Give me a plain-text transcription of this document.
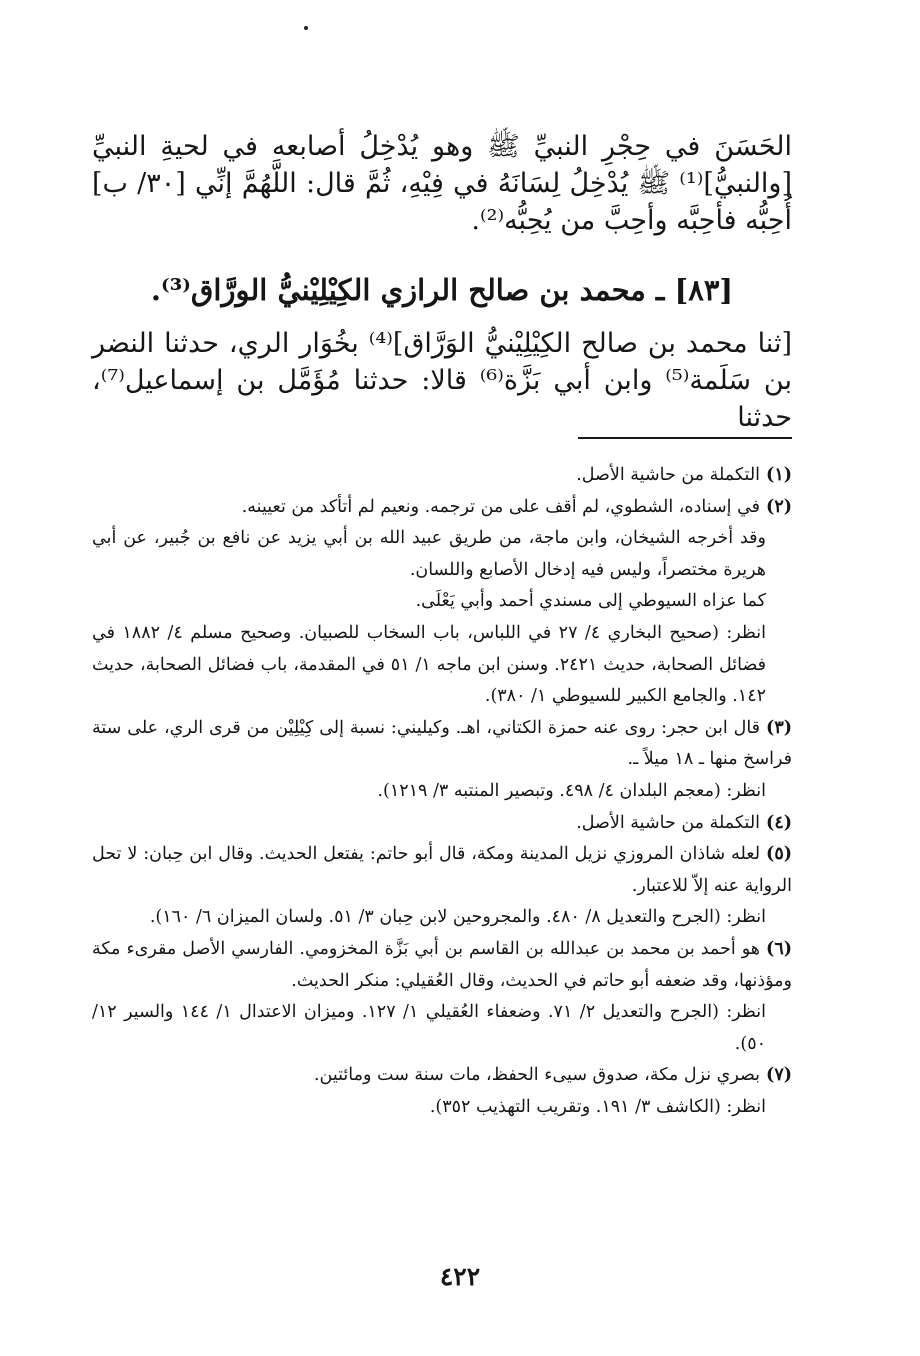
الحَسَنَ في حِجْرِ النبيِّ ﷺ وهو يُدْخِلُ أصابعه في لحيةِ النبيِّ [والنبيُّ]⁽¹⁾ ﷺ يُدْخِلُ لِسَانَهُ في فِيْهِ، ثُمَّ قال: اللَّهُمَّ إنِّي [٣٠/ ب] أُحِبُّه فأحِبَّه وأحِبَّ من يُحِبُّه⁽²⁾.

[٨٣] ـ محمد بن صالح الرازي الكِيْلِيْنيُّ الورَّاق⁽³⁾.

[ثنا محمد بن صالح الكِيْلِيْنيُّ الوَرَّاق]⁽⁴⁾ بخُوَار الري، حدثنا النضر بن سَلَمة⁽⁵⁾ وابن أبي بَزَّة⁽⁶⁾ قالا: حدثنا مُؤَمَّل بن إسماعيل⁽⁷⁾، حدثنا

(١)التكملة من حاشية الأصل.

(٢)في إسناده، الشطوي، لم أقف على من ترجمه. ونعيم لم أتأكد من تعيينه.

وقد أخرجه الشيخان، وابن ماجة، من طريق عبيد الله بن أبي يزيد عن نافع بن جُبير، عن أبي هريرة مختصراً، وليس فيه إدخال الأصابع واللسان.

كما عزاه السيوطي إلى مسندي أحمد وأبي يَعْلَى.

انظر: (صحيح البخاري ٤/ ٢٧ في اللباس، باب السخاب للصبيان. وصحيح مسلم ٤/ ١٨٨٢ في فضائل الصحابة، حديث ٢٤٢١. وسنن ابن ماجه ١/ ٥١ في المقدمة، باب فضائل الصحابة، حديث ١٤٢. والجامع الكبير للسيوطي ١/ ٣٨٠).

(٣)قال ابن حجر: روى عنه حمزة الكتاني، اهـ. وكيليني: نسبة إلى كِيْلِيْن من قرى الري، على ستة فراسخ منها ـ ١٨ ميلاً ـ.

انظر: (معجم البلدان ٤/ ٤٩٨. وتبصير المنتبه ٣/ ١٢١٩).

(٤)التكملة من حاشية الأصل.

(٥)لعله شاذان المروزي نزيل المدينة ومكة، قال أبو حاتم: يفتعل الحديث. وقال ابن حِبان: لا تحل الرواية عنه إلاّ للاعتبار.

انظر: (الجرح والتعديل ٨/ ٤٨٠. والمجروحين لابن حِبان ٣/ ٥١. ولسان الميزان ٦/ ١٦٠).

(٦)هو أحمد بن محمد بن عبدالله بن القاسم بن أبي بَزَّة المخزومي. الفارسي الأصل مقرىء مكة ومؤذنها، وقد ضعفه أبو حاتم في الحديث، وقال العُقيلي: منكر الحديث.

انظر: (الجرح والتعديل ٢/ ٧١. وضعفاء العُقيلي ١/ ١٢٧. وميزان الاعتدال ١/ ١٤٤ والسير ١٢/ ٥٠).

(٧)بصري نزل مكة، صدوق سيىء الحفظ، مات سنة ست ومائتين.

انظر: (الكاشف ٣/ ١٩١. وتقريب التهذيب ٣٥٢).

٤٢٢
